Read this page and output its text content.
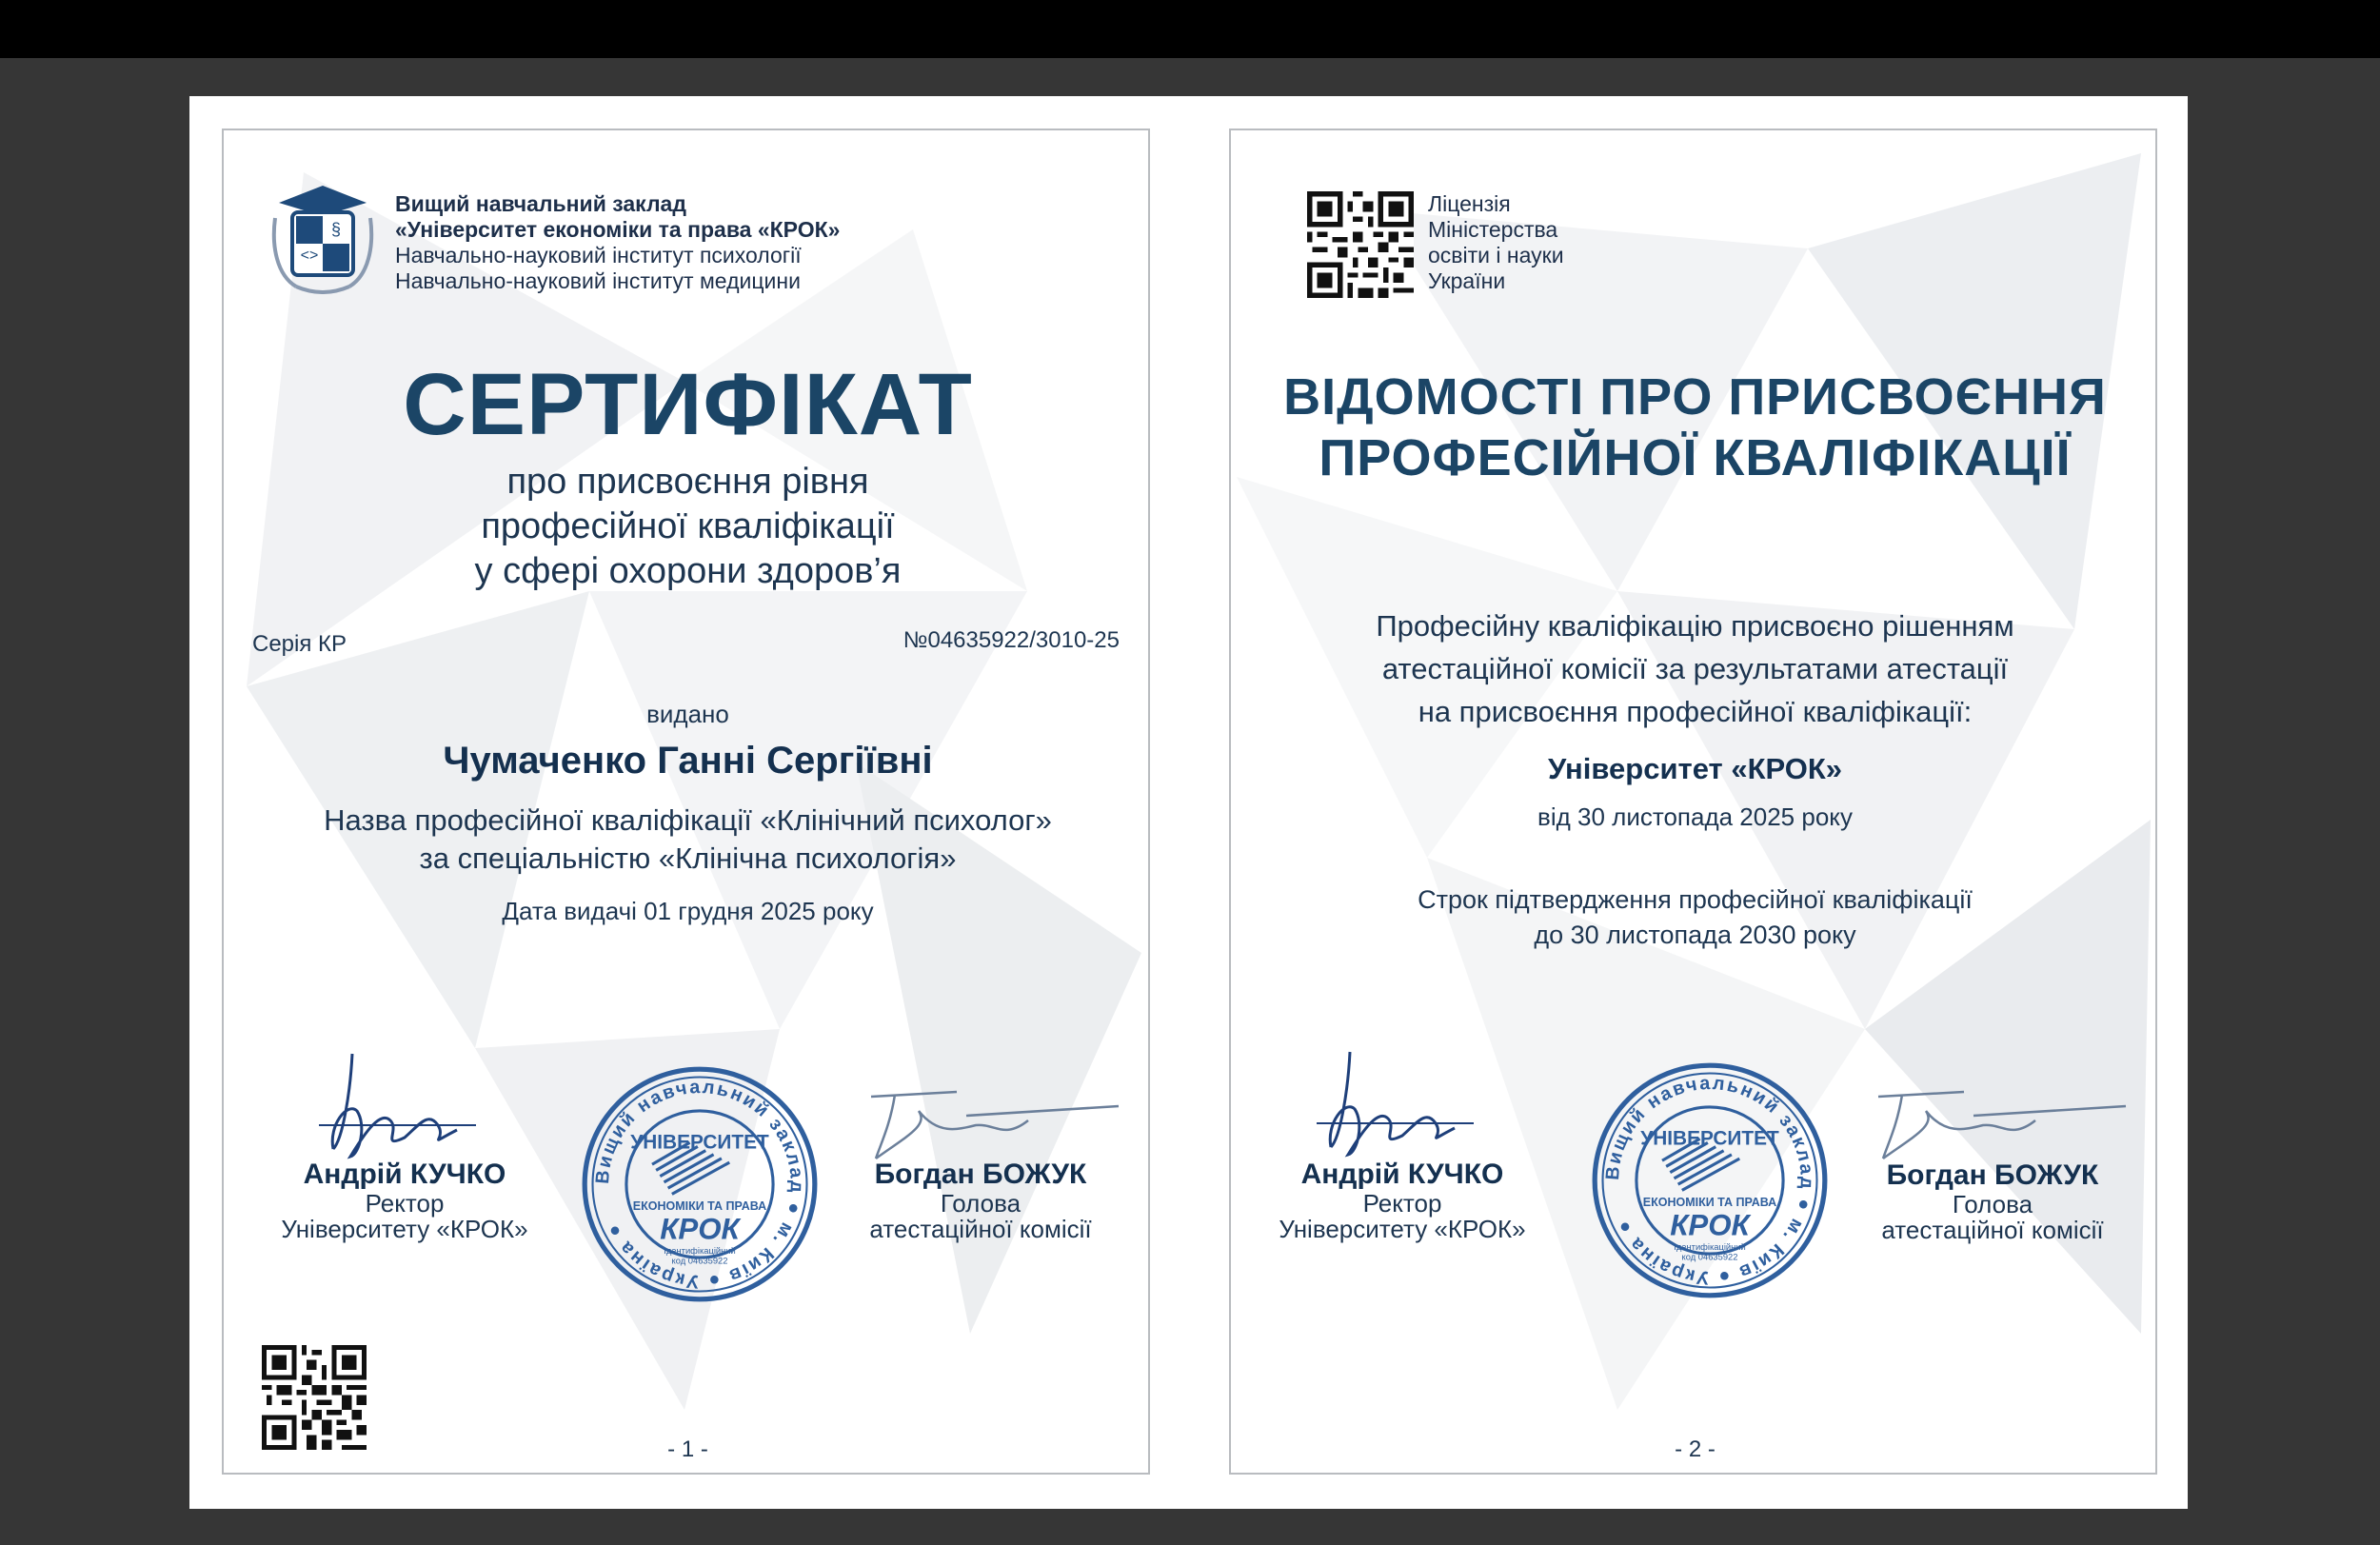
<>
§
Вищий навчальний заклад
«Університет економіки та права «КРОК»
Навчально-науковий інститут психології
Навчально-науковий інститут медицини
СЕРТИФІКАТ
про присвоєння рівня
професійної кваліфікації
у сфері охорони здоров’я
Серія КР	№04635922/3010-25
видано
Чумаченко Ганні Сергіївні
Назва професійної кваліфікації «Клінічний психолог»
за спеціальністю «Клінічна психологія»
Дата видачі 01 грудня 2025 року
Андрій КУЧКО
Ректор
Університету «КРОК»
Богдан БОЖУК
Голова
атестаційної комісії
- 1 -
Ліцензія
Міністерства
освіти і науки
України
ВІДОМОСТІ ПРО ПРИСВОЄННЯ
ПРОФЕСІЙНОЇ КВАЛІФІКАЦІЇ
Професійну кваліфікацію присвоєно рішенням
атестаційної комісії за результатами атестації
на присвоєння професійної кваліфікації:
Університет «КРОК»
від 30 листопада 2025 року
Строк підтвердження професійної кваліфікації
до 30 листопада 2030 року
Андрій КУЧКО
Ректор
Університету «КРОК»
Богдан БОЖУК
Голова
атестаційної комісії
- 2 -
